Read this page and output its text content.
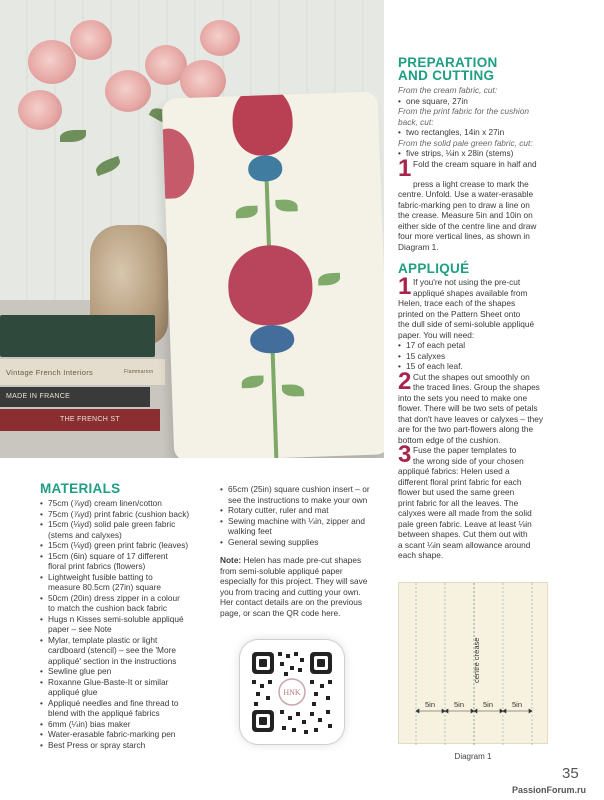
Vintage French Interiors	Flammarion
MADE IN FRANCE
THE FRENCH ST
PREPARATION
AND CUTTING
From the cream fabric, cut:
• one square, 27in
From the print fabric for the cushion
back, cut:
• two rectangles, 14in x 27in
From the solid pale green fabric, cut:
• five strips, ⅛in x 28in (stems)
1 Fold the cream square in half and
press a light crease to mark the
centre. Unfold. Use a water-erasable
fabric-marking pen to draw a line on
the crease. Measure 5in and 10in on
either side of the centre line and draw
four more vertical lines, as shown in
Diagram 1.
APPLIQUÉ
1 If you're not using the pre-cut
appliqué shapes available from
Helen, trace each of the shapes
printed on the Pattern Sheet onto
the dull side of semi-soluble appliqué
paper. You will need:
• 17 of each petal
• 15 calyxes
• 15 of each leaf.
2 Cut the shapes out smoothly on
the traced lines. Group the shapes
into the sets you need to make one
flower. There will be two sets of petals
that don't have leaves or calyxes – they
are for the two part-flowers along the
bottom edge of the cushion.
3 Fuse the paper templates to
the wrong side of your chosen
appliqué fabrics: Helen used a
different floral print fabric for each
flower but used the same green
print fabric for all the leaves. The
calyxes were all made from the solid
pale green fabric. Leave at least ⅛in
between shapes. Cut them out with
a scant ¼in seam allowance around
each shape.
MATERIALS
• 75cm (⅞yd) cream linen/cotton
• 75cm (⅞yd) print fabric (cushion back)
• 15cm (⅛yd) solid pale green fabric
(stems and calyxes)
• 15cm (⅛yd) green print fabric (leaves)
• 15cm (6in) square of 17 different
floral print fabrics (flowers)
• Lightweight fusible batting to
measure 80.5cm (27in) square
• 50cm (20in) dress zipper in a colour
to match the cushion back fabric
• Hugs n Kisses semi-soluble appliqué
paper – see Note
• Mylar, template plastic or light
cardboard (stencil) – see the 'More
appliqué' section in the instructions
• Sewline glue pen
• Roxanne Glue-Baste-It or similar
appliqué glue
• Appliqué needles and fine thread to
blend with the appliqué fabrics
• 6mm (¼in) bias maker
• Water-erasable fabric-marking pen
• Best Press or spray starch
• 65cm (25in) square cushion insert – or
see the instructions to make your own
• Rotary cutter, ruler and mat
• Sewing machine with ¼in, zipper and
walking feet
• General sewing supplies
Note: Helen has made pre-cut shapes
from semi-soluble appliqué paper
especially for this project. They will save
you from tracing and cutting your own.
Her contact details are on the previous
page, or scan the QR code here.
HNK
5in	5in	5in	5in
centre crease
Diagram 1
35
PassionForum.ru
